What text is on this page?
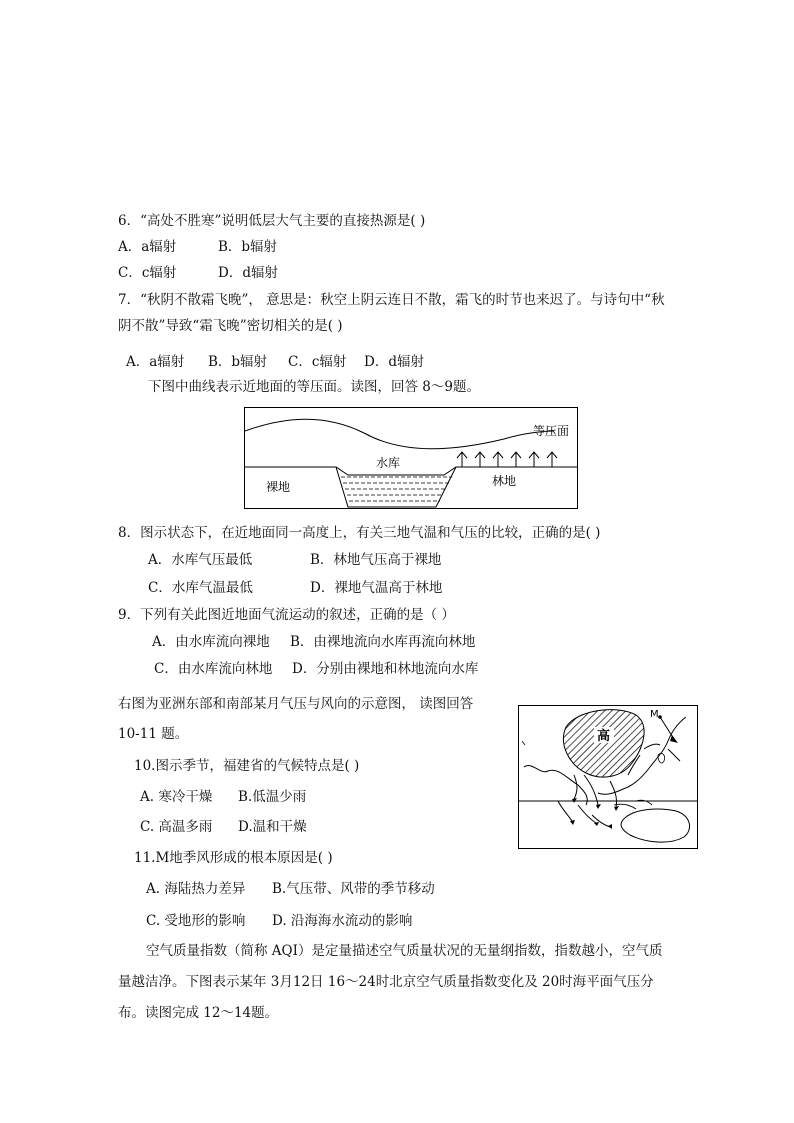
6．“高处不胜寒”说明低层大气主要的直接热源是( )
A．a辐射	B．b辐射
C．c辐射	D．d辐射
7．“秋阴不散霜飞晚”， 意思是：秋空上阴云连日不散，霜飞的时节也来迟了。与诗句中“秋
阴不散”导致“霜飞晚”密切相关的是( )
A．a辐射 B．b辐射 C．c辐射 D．d辐射
下图中曲线表示近地面的等压面。读图，回答 8～9题。
等压面
水库
裸地	林地
8．图示状态下，在近地面同一高度上，有关三地气温和气压的比较，正确的是( )
A．水库气压最低	B．林地气压高于裸地
C．水库气温最低	D．裸地气温高于林地
9．下列有关此图近地面气流运动的叙述，正确的是（ ）
A．由水库流向裸地 B．由裸地流向水库再流向林地
C．由水库流向林地 D．分别由裸地和林地流向水库
右图为亚洲东部和南部某月气压与风向的示意图， 读图回答
10-11 题。	高
M
10.图示季节，福建省的气候特点是( )
A. 寒冷干燥 B.低温少雨
C. 高温多雨 D.温和干燥
11.M地季风形成的根本原因是( )
A. 海陆热力差异 B.气压带、风带的季节移动
C. 受地形的影响 D. 沿海海水流动的影响
空气质量指数（简称 AQI）是定量描述空气质量状况的无量纲指数，指数越小，空气质
量越洁净。下图表示某年 3月12日 16～24时北京空气质量指数变化及 20时海平面气压分
布。读图完成 12～14题。
